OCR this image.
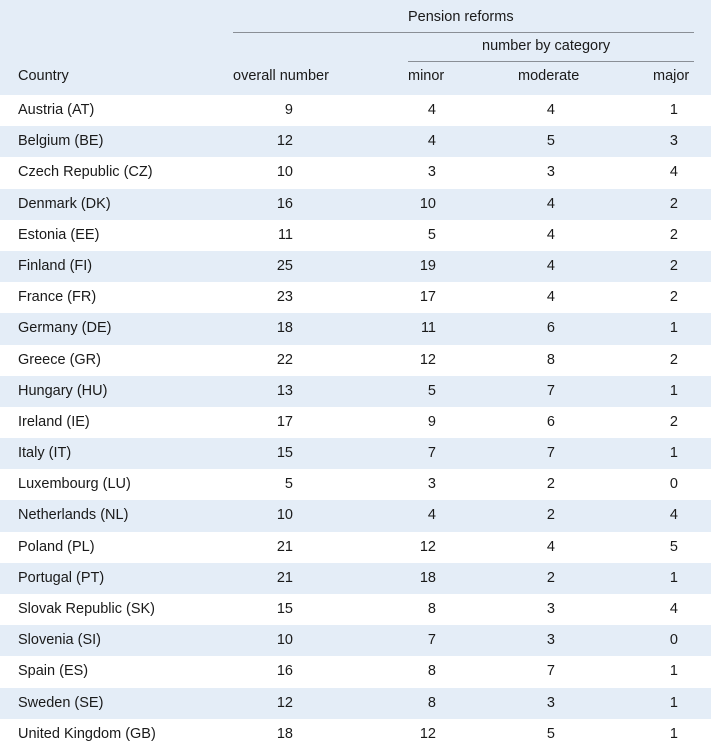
Pension reforms
number by category
Country	overall number	minor	moderate	major
Austria (AT)	9	4	4	1
Belgium (BE)	12	4	5	3
Czech Republic (CZ)	10	3	3	4
Denmark (DK)	16	10	4	2
Estonia (EE)	11	5	4	2
Finland (FI)	25	19	4	2
France (FR)	23	17	4	2
Germany (DE)	18	11	6	1
Greece (GR)	22	12	8	2
Hungary (HU)	13	5	7	1
Ireland (IE)	17	9	6	2
Italy (IT)	15	7	7	1
Luxembourg (LU)	5	3	2	0
Netherlands (NL)	10	4	2	4
Poland (PL)	21	12	4	5
Portugal (PT)	21	18	2	1
Slovak Republic (SK)	15	8	3	4
Slovenia (SI)	10	7	3	0
Spain (ES)	16	8	7	1
Sweden (SE)	12	8	3	1
United Kingdom (GB)	18	12	5	1
